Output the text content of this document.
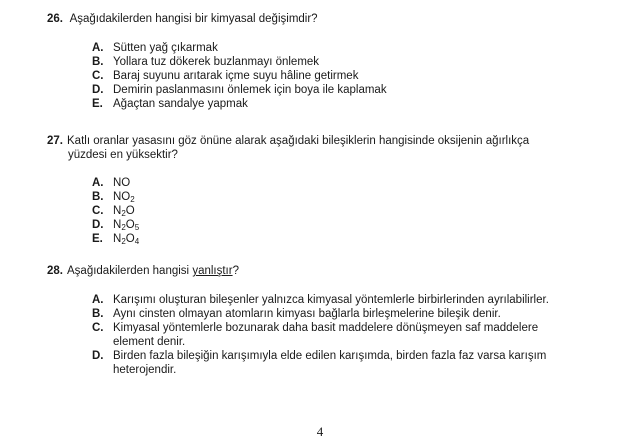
26. Aşağıdakilerden hangisi bir kimyasal değişimdir?
A. Sütten yağ çıkarmak
B. Yollara tuz dökerek buzlanmayı önlemek
C. Baraj suyunu arıtarak içme suyu hâline getirmek
D. Demirin paslanmasını önlemek için boya ile kaplamak
E. Ağaçtan sandalye yapmak
27. Katlı oranlar yasasını göz önüne alarak aşağıdaki bileşiklerin hangisinde oksijenin ağırlıkça
yüzdesi en yüksektir?
A. NO
B. $NO_2$
C. $N_2O$
D. $N_2O_5$
E. $N_2O_4$
28. Aşağıdakilerden hangisi yanlıştır?
A. Karışımı oluşturan bileşenler yalnızca kimyasal yöntemlerle birbirlerinden ayrılabilirler.
B. Aynı cinsten olmayan atomların kimyası bağlarla birleşmelerine bileşik denir.
C. Kimyasal yöntemlerle bozunarak daha basit maddelere dönüşmeyen saf maddelere
element denir.
D. Birden fazla bileşiğin karışımıyla elde edilen karışımda, birden fazla faz varsa karışım
heterojendir.
4
